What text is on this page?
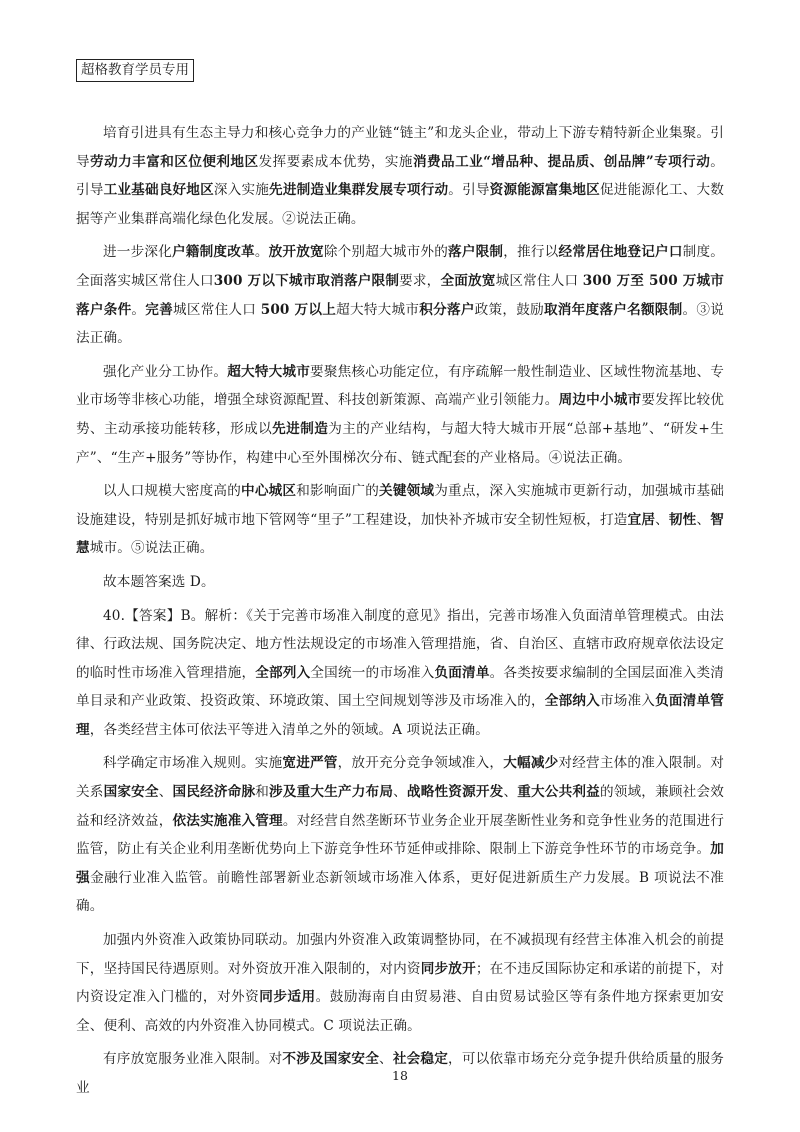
超格教育学员专用

培育引进具有生态主导力和核心竞争力的产业链“链主”和龙头企业，带动上下游专精特新企业集聚。引导劳动力丰富和区位便利地区发挥要素成本优势，实施消费品工业“增品种、提品质、创品牌”专项行动。引导工业基础良好地区深入实施先进制造业集群发展专项行动。引导资源能源富集地区促进能源化工、大数据等产业集群高端化绿色化发展。②说法正确。

进一步深化户籍制度改革。放开放宽除个别超大城市外的落户限制，推行以经常居住地登记户口制度。全面落实城区常住人口300 万以下城市取消落户限制要求，全面放宽城区常住人口 300 万至 500 万城市落户条件。完善城区常住人口 500 万以上超大特大城市积分落户政策，鼓励取消年度落户名额限制。③说法正确。

强化产业分工协作。超大特大城市要聚焦核心功能定位，有序疏解一般性制造业、区域性物流基地、专业市场等非核心功能，增强全球资源配置、科技创新策源、高端产业引领能力。周边中小城市要发挥比较优势、主动承接功能转移，形成以先进制造为主的产业结构，与超大特大城市开展“总部+基地”、“研发+生产”、“生产+服务”等协作，构建中心至外围梯次分布、链式配套的产业格局。④说法正确。

以人口规模大密度高的中心城区和影响面广的关键领域为重点，深入实施城市更新行动，加强城市基础设施建设，特别是抓好城市地下管网等“里子”工程建设，加快补齐城市安全韧性短板，打造宜居、韧性、智慧城市。⑤说法正确。

故本题答案选 D。

40.【答案】B。解析：《关于完善市场准入制度的意见》指出，完善市场准入负面清单管理模式。由法律、行政法规、国务院决定、地方性法规设定的市场准入管理措施，省、自治区、直辖市政府规章依法设定的临时性市场准入管理措施，全部列入全国统一的市场准入负面清单。各类按要求编制的全国层面准入类清单目录和产业政策、投资政策、环境政策、国土空间规划等涉及市场准入的，全部纳入市场准入负面清单管理，各类经营主体可依法平等进入清单之外的领域。A 项说法正确。

科学确定市场准入规则。实施宽进严管，放开充分竞争领域准入，大幅减少对经营主体的准入限制。对关系国家安全、国民经济命脉和涉及重大生产力布局、战略性资源开发、重大公共利益的领域，兼顾社会效益和经济效益，依法实施准入管理。对经营自然垄断环节业务企业开展垄断性业务和竞争性业务的范围进行监管，防止有关企业利用垄断优势向上下游竞争性环节延伸或排除、限制上下游竞争性环节的市场竞争。加强金融行业准入监管。前瞻性部署新业态新领域市场准入体系，更好促进新质生产力发展。B 项说法不准确。

加强内外资准入政策协同联动。加强内外资准入政策调整协同，在不减损现有经营主体准入机会的前提下，坚持国民待遇原则。对外资放开准入限制的，对内资同步放开；在不违反国际协定和承诺的前提下，对内资设定准入门槛的，对外资同步适用。鼓励海南自由贸易港、自由贸易试验区等有条件地方探索更加安全、便利、高效的内外资准入协同模式。C 项说法正确。

有序放宽服务业准入限制。对不涉及国家安全、社会稳定，可以依靠市场充分竞争提升供给质量的服务业

18
